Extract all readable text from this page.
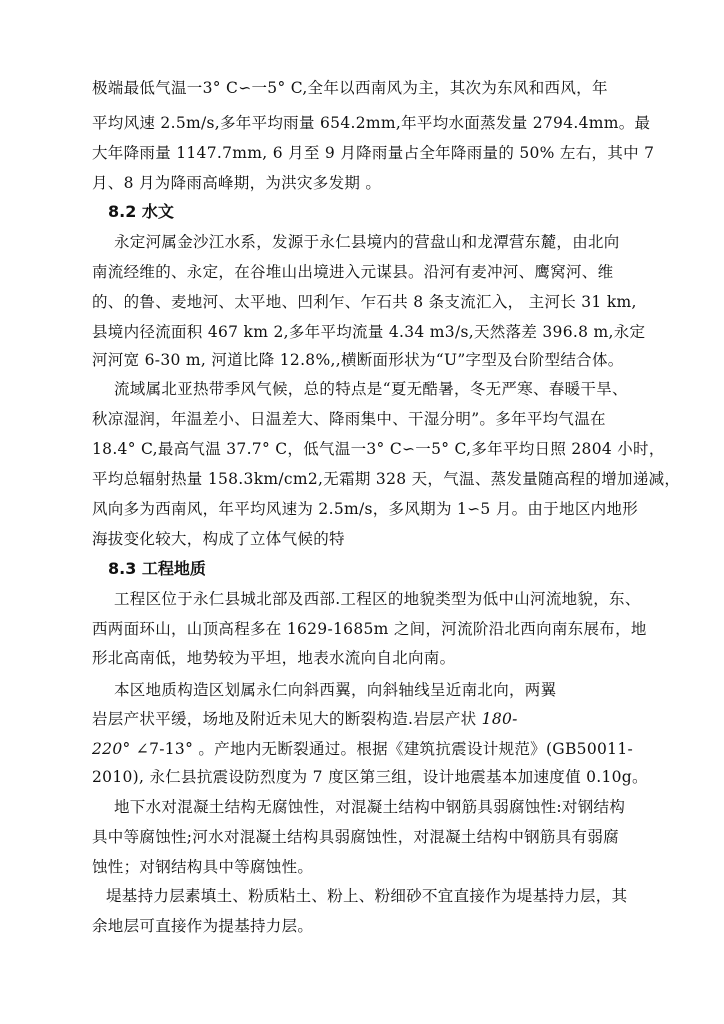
极端最低气温一3° C∽一5° C,全年以西南风为主，其次为东风和西风，年
平均风速 2.5m/s,多年平均雨量 654.2mm,年平均水面蒸发量 2794.4mm。最
大年降雨量 1147.7mm, 6 月至 9 月降雨量占全年降雨量的 50% 左右，其中 7
月、8 月为降雨高峰期，为洪灾多发期 。
8.2 水文
永定河属金沙江水系，发源于永仁县境内的营盘山和龙潭营东麓，由北向
南流经维的、永定，在谷堆山出境进入元谋县。沿河有麦冲河、鹰窝河、维
的、的鲁、麦地河、太平地、凹利乍、乍石共 8 条支流汇入， 主河长 31 km,
县境内径流面积 467 km 2,多年平均流量 4.34 m3/s,天然落差 396.8 m,永定
河河宽 6-30 m, 河道比降 12.8%,,横断面形状为“U”字型及台阶型结合体。
流域属北亚热带季风气候，总的特点是“夏无酷暑，冬无严寒、春暖干旱、
秋凉湿润，年温差小、日温差大、降雨集中、干湿分明”。多年平均气温在
18.4° C,最高气温 37.7° C，低气温一3° C∽一5° C,多年平均日照 2804 小时，
平均总辐射热量 158.3km/cm2,无霜期 328 天，气温、蒸发量随高程的增加递减，
风向多为西南风，年平均风速为 2.5m/s，多风期为 1∽5 月。由于地区内地形
海拔变化较大，构成了立体气候的特
8.3 工程地质
工程区位于永仁县城北部及西部.工程区的地貌类型为低中山河流地貌，东、
西两面环山，山顶高程多在 1629-1685m 之间，河流阶沿北西向南东展布，地
形北高南低，地势较为平坦，地表水流向自北向南。
本区地质构造区划属永仁向斜西翼，向斜轴线呈近南北向，两翼
岩层产状平缓，场地及附近未见大的断裂构造.岩层产状 180-
220° ∠7-13° 。产地内无断裂通过。根据《建筑抗震设计规范》(GB50011-
2010), 永仁县抗震设防烈度为 7 度区第三组，设计地震基本加速度值 0.10g。
地下水对混凝土结构无腐蚀性，对混凝土结构中钢筋具弱腐蚀性:对钢结构
具中等腐蚀性;河水对混凝土结构具弱腐蚀性，对混凝土结构中钢筋具有弱腐
蚀性；对钢结构具中等腐蚀性。
堤基持力层素填土、粉质粘土、粉上、粉细砂不宜直接作为堤基持力层，其
余地层可直接作为提基持力层。
